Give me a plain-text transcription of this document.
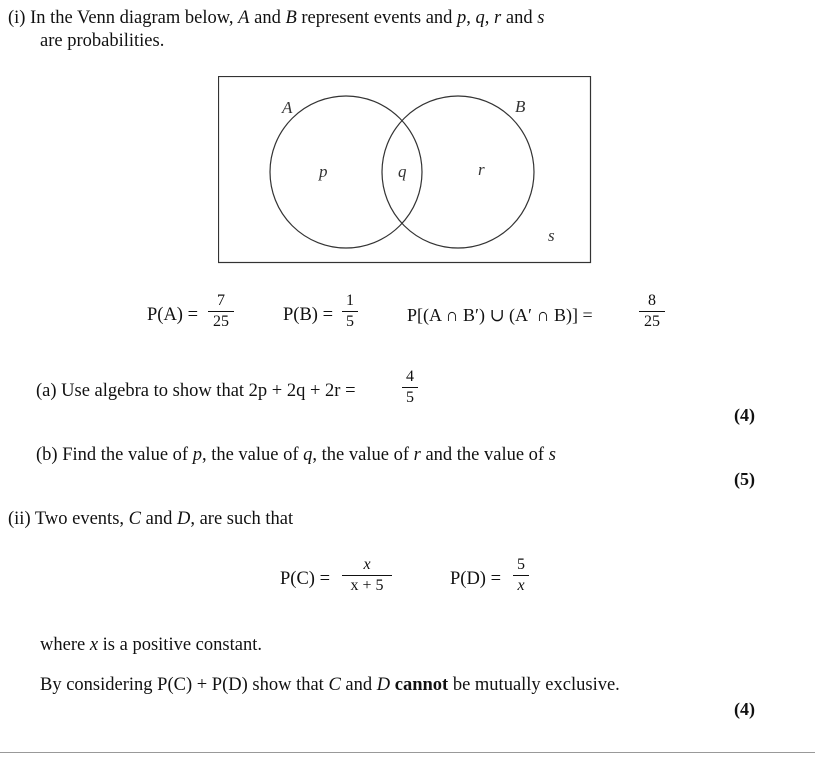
(i) In the Venn diagram below, A and B represent events and p, q, r and s
are probabilities.
A	B
p	q	r
s
P(A) =
7
25	P(B) =
1
5	P[(A ∩ B′) ∪ (A′ ∩ B)] =
8
25
(a) Use algebra to show that 2p + 2q + 2r =
4
5
(4)
(b) Find the value of p, the value of q, the value of r and the value of s
(5)
(ii) Two events, C and D, are such that
P(C) =
x
x + 5	P(D) =
5
x
where x is a positive constant.
By considering P(C) + P(D) show that C and D cannot be mutually exclusive.
(4)
